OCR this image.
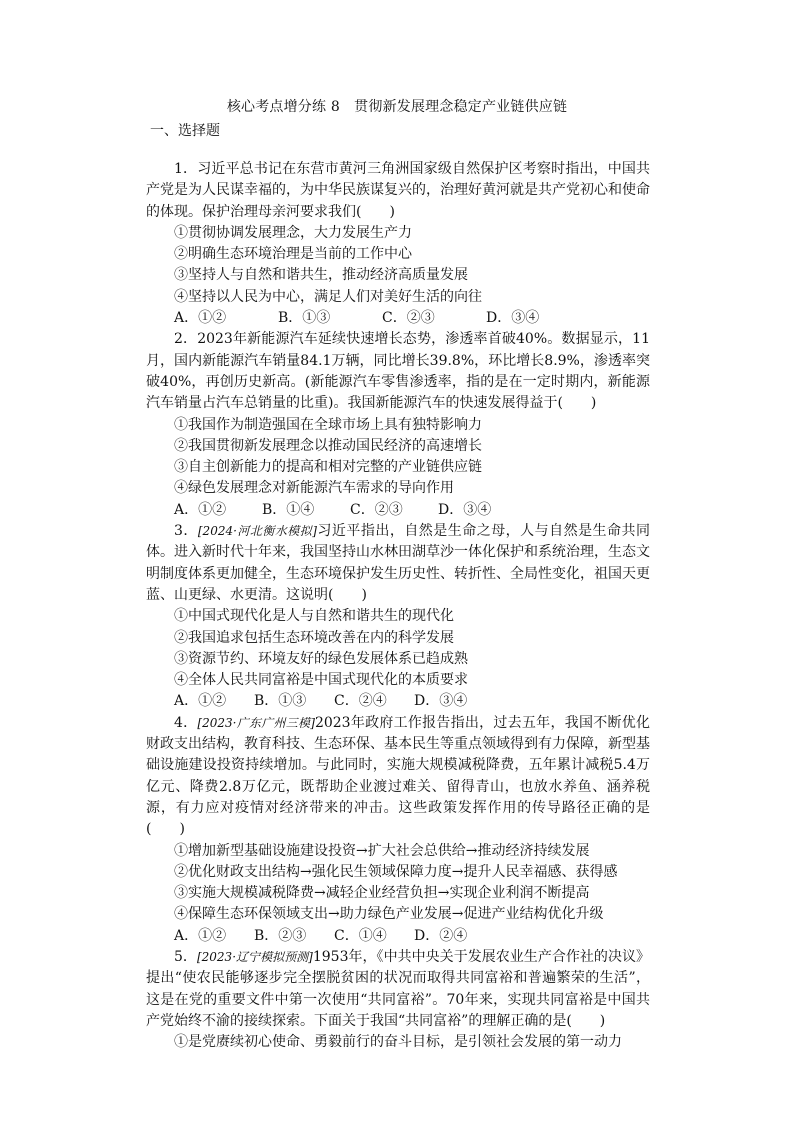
核心考点增分练 8　贯彻新发展理念稳定产业链供应链
一、选择题

1．习近平总书记在东营市黄河三角洲国家级自然保护区考察时指出，中国共产党是为人民谋幸福的，为中华民族谋复兴的，治理好黄河就是共产党初心和使命的体现。保护治理母亲河要求我们(　　)

①贯彻协调发展理念，大力发展生产力

②明确生态环境治理是当前的工作中心

③坚持人与自然和谐共生，推动经济高质量发展

④坚持以人民为中心，满足人们对美好生活的向往

A．①②	B．①③	C．②③	D．③④

2．2023年新能源汽车延续快速增长态势，渗透率首破40%。数据显示，11月，国内新能源汽车销量84.1万辆，同比增长39.8%，环比增长8.9%，渗透率突破40%，再创历史新高。(新能源汽车零售渗透率，指的是在一定时期内，新能源汽车销量占汽车总销量的比重)。我国新能源汽车的快速发展得益于(　　)

①我国作为制造强国在全球市场上具有独特影响力

②我国贯彻新发展理念以推动国民经济的高速增长

③自主创新能力的提高和相对完整的产业链供应链

④绿色发展理念对新能源汽车需求的导向作用

A．①②	B．①④	C．②③	D．③④

3．[2024·河北衡水模拟]习近平指出，自然是生命之母，人与自然是生命共同体。进入新时代十年来，我国坚持山水林田湖草沙一体化保护和系统治理，生态文明制度体系更加健全，生态环境保护发生历史性、转折性、全局性变化，祖国天更蓝、山更绿、水更清。这说明(　　)

①中国式现代化是人与自然和谐共生的现代化

②我国追求包括生态环境改善在内的科学发展

③资源节约、环境友好的绿色发展体系已趋成熟

④全体人民共同富裕是中国式现代化的本质要求

A．①② B．①③ C．②④ D．③④

4．[2023·广东广州三模]2023年政府工作报告指出，过去五年，我国不断优化财政支出结构，教育科技、生态环保、基本民生等重点领域得到有力保障，新型基础设施建设投资持续增加。与此同时，实施大规模减税降费，五年累计减税5.4万亿元、降费2.8万亿元，既帮助企业渡过难关、留得青山，也放水养鱼、涵养税源，有力应对疫情对经济带来的冲击。这些政策发挥作用的传导路径正确的是(　　)

①增加新型基础设施建设投资→扩大社会总供给→推动经济持续发展

②优化财政支出结构→强化民生领域保障力度→提升人民幸福感、获得感

③实施大规模减税降费→减轻企业经营负担→实现企业利润不断提高

④保障生态环保领域支出→助力绿色产业发展→促进产业结构优化升级

A．①② B．②③ C．①④ D．②④

5．[2023·辽宁模拟预测]1953年，《中共中央关于发展农业生产合作社的决议》提出“使农民能够逐步完全摆脱贫困的状况而取得共同富裕和普遍繁荣的生活”，这是在党的重要文件中第一次使用“共同富裕”。70年来，实现共同富裕是中国共产党始终不渝的接续探索。下面关于我国“共同富裕”的理解正确的是(　　)

①是党赓续初心使命、勇毅前行的奋斗目标，是引领社会发展的第一动力
